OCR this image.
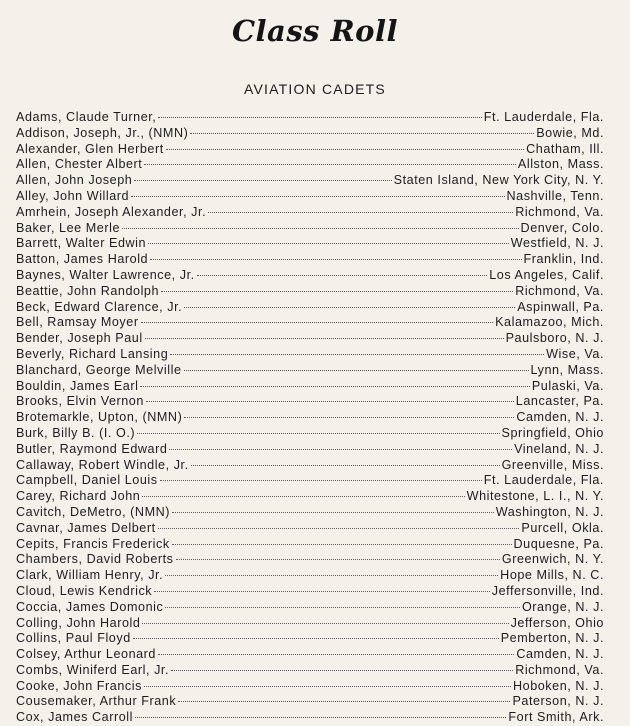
Class Roll
AVIATION CADETS
Adams, Claude Turner,	Ft. Lauderdale, Fla.
Addison, Joseph, Jr., (NMN)	Bowie, Md.
Alexander, Glen Herbert	Chatham, Ill.
Allen, Chester Albert	Allston, Mass.
Allen, John Joseph	Staten Island, New York City, N. Y.
Alley, John Willard	Nashville, Tenn.
Amrhein, Joseph Alexander, Jr.	Richmond, Va.
Baker, Lee Merle	Denver, Colo.
Barrett, Walter Edwin	Westfield, N. J.
Batton, James Harold	Franklin, Ind.
Baynes, Walter Lawrence, Jr.	Los Angeles, Calif.
Beattie, John Randolph	Richmond, Va.
Beck, Edward Clarence, Jr.	Aspinwall, Pa.
Bell, Ramsay Moyer	Kalamazoo, Mich.
Bender, Joseph Paul	Paulsboro, N. J.
Beverly, Richard Lansing	Wise, Va.
Blanchard, George Melville	Lynn, Mass.
Bouldin, James Earl	Pulaski, Va.
Brooks, Elvin Vernon	Lancaster, Pa.
Brotemarkle, Upton, (NMN)	Camden, N. J.
Burk, Billy B. (I. O.)	Springfield, Ohio
Butler, Raymond Edward	Vineland, N. J.
Callaway, Robert Windle, Jr.	Greenville, Miss.
Campbell, Daniel Louis	Ft. Lauderdale, Fla.
Carey, Richard John	Whitestone, L. I., N. Y.
Cavitch, DeMetro, (NMN)	Washington, N. J.
Cavnar, James Delbert	Purcell, Okla.
Cepits, Francis Frederick	Duquesne, Pa.
Chambers, David Roberts	Greenwich, N. Y.
Clark, William Henry, Jr.	Hope Mills, N. C.
Cloud, Lewis Kendrick	Jeffersonville, Ind.
Coccia, James Domonic	Orange, N. J.
Colling, John Harold	Jefferson, Ohio
Collins, Paul Floyd	Pemberton, N. J.
Colsey, Arthur Leonard	Camden, N. J.
Combs, Winiferd Earl, Jr.	Richmond, Va.
Cooke, John Francis	Hoboken, N. J.
Cousemaker, Arthur Frank	Paterson, N. J.
Cox, James Carroll	Fort Smith, Ark.
